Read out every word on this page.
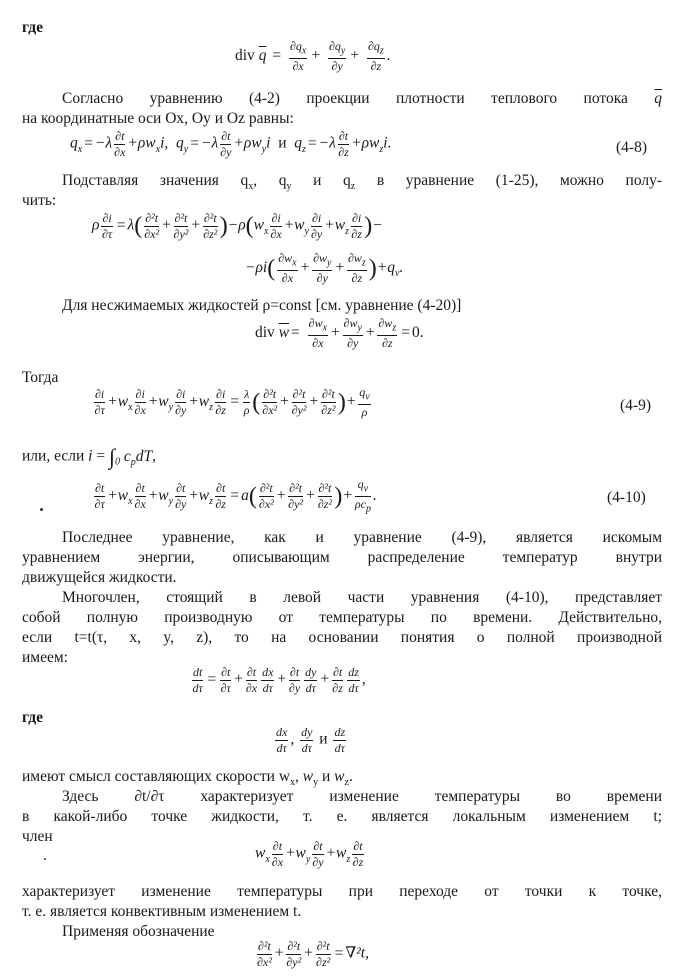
где
div $\overline{q} = \frac{\partial q_x}{\partial x} + \frac{\partial q_y}{\partial y} + \frac{\partial q_z}{\partial z}$ .
Согласно уравнению (4-2) проекции плотности теплового потока $\overline{q}$
на координатные оси Ox, Oy и Oz равны:
$q_x = -\lambda \frac{\partial t}{\partial x} +\rho w_xi$,  $q_y = -\lambda \frac{\partial t}{\partial y} +\rho w_yi$  и  $q_z = -\lambda \frac{\partial t}{\partial z} +\rho w_zi$.	(4-8)
Подставляя значения $q_x$, $q_y$ и $q_z$ в уравнение (1-25), можно полу-
чить:
ρ $\frac{\partial i}{\partial\tau} = \lambda( \frac{\text{∂²t}}{\text{∂x²}} + \frac{\text{∂²t}}{\text{∂y²}} + \frac{\text{∂²t}}{\text{∂z²}} )-\rho(w_x \frac{\partial i}{\partial x} +w_y \frac{\partial i}{\partial y} +w_z \frac{\partial i}{\partial z}$ )−
$-\rho i( \frac{\partial w_x}{\partial x} + \frac{\partial w_y}{\partial y} + \frac{\partial w_z}{\partial z} )+q_v$.
Для несжимаемых жидкостей ρ=const [см. уравнение (4-20)]
div $\overline{w} = \frac{\partial w_x}{\partial x} + \frac{\partial w_y}{\partial y} + \frac{\partial w_z}{\partial z} = 0$.
Тогда
$\frac{\partial i}{\partial\tau} +w_x \frac{\partial i}{\partial x} +w_y \frac{\partial i}{\partial y} +w_z \frac{\partial i}{\partial z} = \frac{\lambda}{\rho}$ ( $\frac{\text{∂²t}}{\text{∂x²}} + \frac{\text{∂²t}}{\text{∂y²}} + \frac{\text{∂²t}}{\text{∂z²}}$ )+ $\frac{q_v}{\rho}$	(4-9)
или, если $i = \int_0$ $c_pdT$,
$\frac{\partial t}{\partial\tau} +w_x \frac{\partial t}{\partial x} +w_y \frac{\partial t}{\partial y} +w_z \frac{\partial t}{\partial z} = a( \frac{\text{∂²t}}{\text{∂x²}} + \frac{\text{∂²t}}{\text{∂y²}} + \frac{\text{∂²t}}{\text{∂z²}}$ )+ $\frac{q_v}{\rho c_p}$ .	(4-10)
Последнее уравнение, как и уравнение (4-9), является искомым
уравнением энергии, описывающим распределение температур внутри
движущейся жидкости.
Многочлен, стоящий в левой части уравнения (4-10), представляет
собой полную производную от температуры по времени. Действительно,
если t=t(τ, x, y, z), то на основании понятия о полной производной
имеем:
$\frac{dt}{d\tau} = \frac{\partial t}{\partial\tau} + \frac{\partial t}{\partial x} \frac{dx}{d\tau} + \frac{\partial t}{\partial y} \frac{dy}{d\tau} + \frac{\partial t}{\partial z} \frac{dz}{d\tau}$ ,
где
$\frac{dx}{d\tau}$ , $\frac{dy}{d\tau}$ и $\frac{dz}{d\tau}$
имеют смысл составляющих скорости $w_x$, $w_y$ и $w_z$.
Здесь ∂t/∂τ характеризует изменение температуры во времени
в какой-либо точке жидкости, т. е. является локальным изменением t;
член
$w_x \frac{\partial t}{\partial x} +w_y \frac{\partial t}{\partial y} +w_z \frac{\partial t}{\partial z}$
характеризует изменение температуры при переходе от точки к точке,
т. е. является конвективным изменением t.
Применяя обозначение
$\frac{\text{∂²t}}{\text{∂x²}} + \frac{\text{∂²t}}{\text{∂y²}} + \frac{\text{∂²t}}{\text{∂z²}} = \nabla^2t$,
